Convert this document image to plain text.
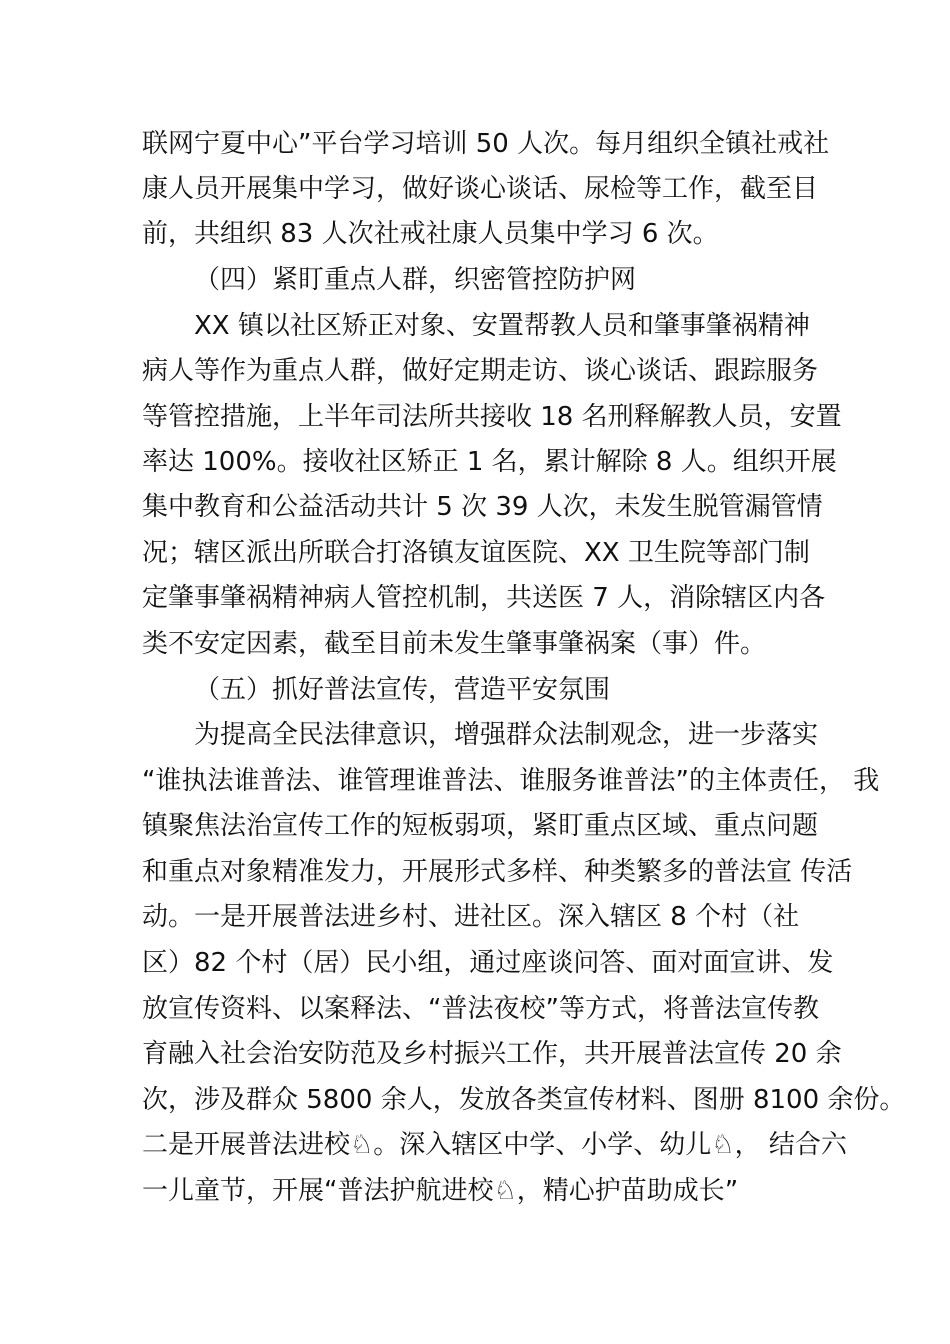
联网宁夏中心”平台学习培训 50 人次。每月组织全镇社戒社
康人员开展集中学习，做好谈心谈话、尿检等工作，截至目
前，共组织 83 人次社戒社康人员集中学习 6 次。
（四）紧盯重点人群，织密管控防护网
XX 镇以社区矫正对象、安置帮教人员和肇事肇祸精神
病人等作为重点人群，做好定期走访、谈心谈话、跟踪服务
等管控措施，上半年司法所共接收 18 名刑释解教人员，安置
率达 100%。接收社区矫正 1 名，累计解除 8 人。组织开展
集中教育和公益活动共计 5 次 39 人次，未发生脱管漏管情
况；辖区派出所联合打洛镇友谊医院、XX 卫生院等部门制
定肇事肇祸精神病人管控机制，共送医 7 人，消除辖区内各
类不安定因素，截至目前未发生肇事肇祸案（事）件。
（五）抓好普法宣传，营造平安氛围
为提高全民法律意识，增强群众法制观念，进一步落实
“谁执法谁普法、谁管理谁普法、谁服务谁普法”的主体责任， 我
镇聚焦法治宣传工作的短板弱项，紧盯重点区域、重点问题
和重点对象精准发力，开展形式多样、种类繁多的普法宣 传活
动。一是开展普法进乡村、进社区。深入辖区 8 个村（社
区）82 个村（居）民小组，通过座谈问答、面对面宣讲、发
放宣传资料、以案释法、“普法夜校”等方式，将普法宣传教
育融入社会治安防范及乡村振兴工作，共开展普法宣传 20 余
次，涉及群众 5800 余人，发放各类宣传材料、图册 8100 余份。
二是开展普法进校♘。深入辖区中学、小学、幼儿♘， 结合六
一儿童节，开展“普法护航进校♘，精心护苗助成长”
